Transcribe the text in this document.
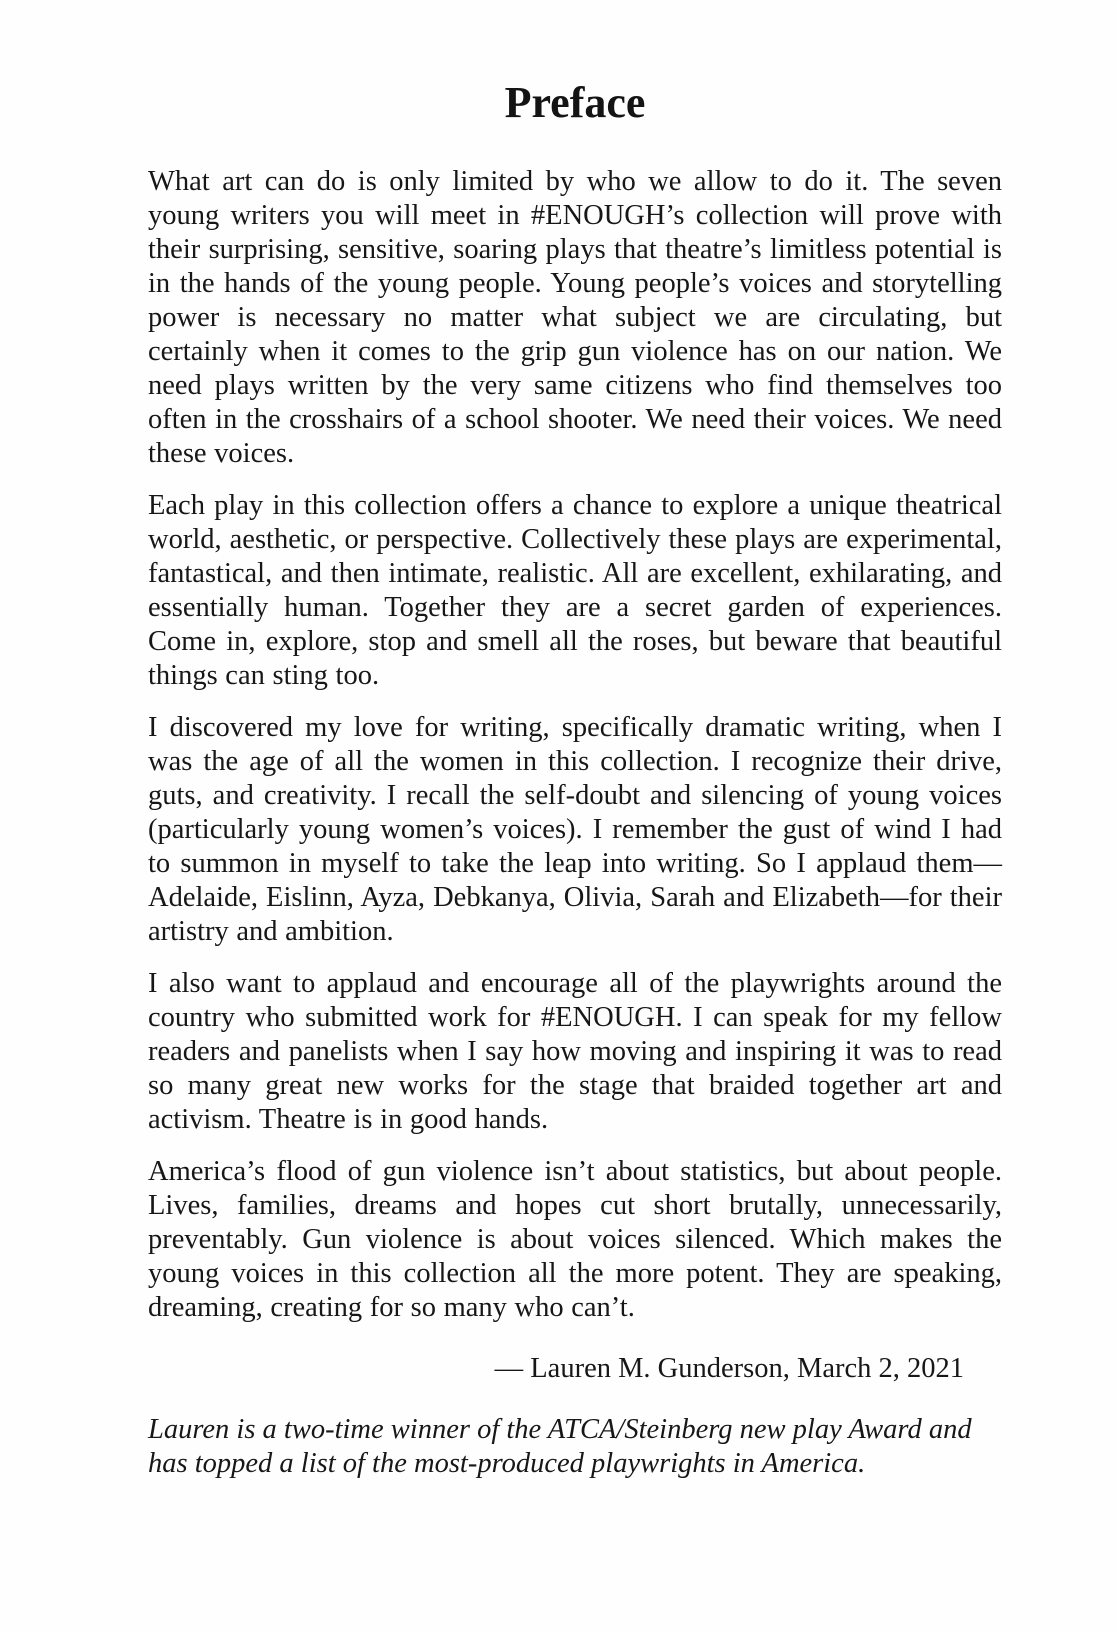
Preface

What art can do is only limited by who we allow to do it. The seven young writers you will meet in #ENOUGH’s collection will prove with their surprising, sensitive, soaring plays that theatre’s limitless potential is in the hands of the young people. Young people’s voices and storytelling power is necessary no matter what subject we are circulating, but certainly when it comes to the grip gun violence has on our nation. We need plays written by the very same citizens who find themselves too often in the crosshairs of a school shooter. We need their voices. We need these voices.

Each play in this collection offers a chance to explore a unique theatrical world, aesthetic, or perspective. Collectively these plays are experimental, fantastical, and then intimate, realistic. All are excellent, exhilarating, and essentially human. Together they are a secret garden of experiences. Come in, explore, stop and smell all the roses, but beware that beautiful things can sting too.

I discovered my love for writing, specifically dramatic writing, when I was the age of all the women in this collection. I recognize their drive, guts, and creativity. I recall the self-doubt and silencing of young voices (particularly young women’s voices). I remember the gust of wind I had to summon in myself to take the leap into writing. So I applaud them—Adelaide, Eislinn, Ayza, Debkanya, Olivia, Sarah and Elizabeth—for their artistry and ambition.

I also want to applaud and encourage all of the playwrights around the country who submitted work for #ENOUGH. I can speak for my fellow readers and panelists when I say how moving and inspiring it was to read so many great new works for the stage that braided together art and activism. Theatre is in good hands.

America’s flood of gun violence isn’t about statistics, but about people. Lives, families, dreams and hopes cut short brutally, unnecessarily, preventably. Gun violence is about voices silenced. Which makes the young voices in this collection all the more potent. They are speaking, dreaming, creating for so many who can’t.

— Lauren M. Gunderson, March 2, 2021
Lauren is a two-time winner of the ATCA/Steinberg new play Award and has topped a list of the most-produced playwrights in America.
